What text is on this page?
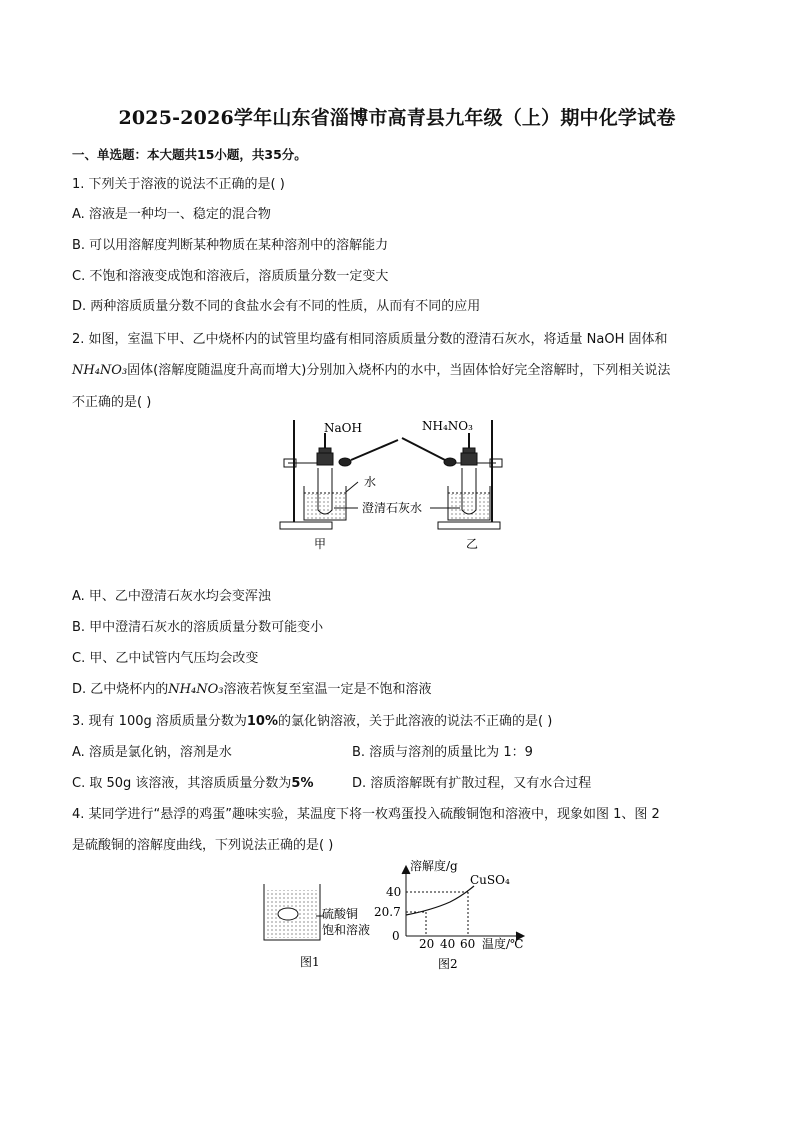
2025-2026学年山东省淄博市高青县九年级（上）期中化学试卷
一、单选题：本大题共15小题，共35分。
1. 下列关于溶液的说法不正确的是( )
A. 溶液是一种均一、稳定的混合物
B. 可以用溶解度判断某种物质在某种溶剂中的溶解能力
C. 不饱和溶液变成饱和溶液后，溶质质量分数一定变大
D. 两种溶质质量分数不同的食盐水会有不同的性质，从而有不同的应用
2. 如图，室温下甲、乙中烧杯内的试管里均盛有相同溶质质量分数的澄清石灰水，将适量 NaOH 固体和
NH₄NO₃固体(溶解度随温度升高而增大)分别加入烧杯内的水中，当固体恰好完全溶解时，下列相关说法
不正确的是( )
NaOH	NH₄NO₃
水
澄清石灰水
甲	乙
A. 甲、乙中澄清石灰水均会变浑浊
B. 甲中澄清石灰水的溶质质量分数可能变小
C. 甲、乙中试管内气压均会改变
D. 乙中烧杯内的NH₄NO₃溶液若恢复至室温一定是不饱和溶液
3. 现有 100g 溶质质量分数为10%的氯化钠溶液，关于此溶液的说法不正确的是( )
A. 溶质是氯化钠，溶剂是水	B. 溶质与溶剂的质量比为 1：9
C. 取 50g 该溶液，其溶质质量分数为5%	D. 溶质溶解既有扩散过程，又有水合过程
4. 某同学进行“悬浮的鸡蛋”趣味实验，某温度下将一枚鸡蛋投入硫酸铜饱和溶液中，现象如图 1、图 2
是硫酸铜的溶解度曲线，下列说法正确的是( )
硫酸铜
饱和溶液
图1
溶解度/g
CuSO₄
40
20.7
0
20 40 60 温度/℃
图2
